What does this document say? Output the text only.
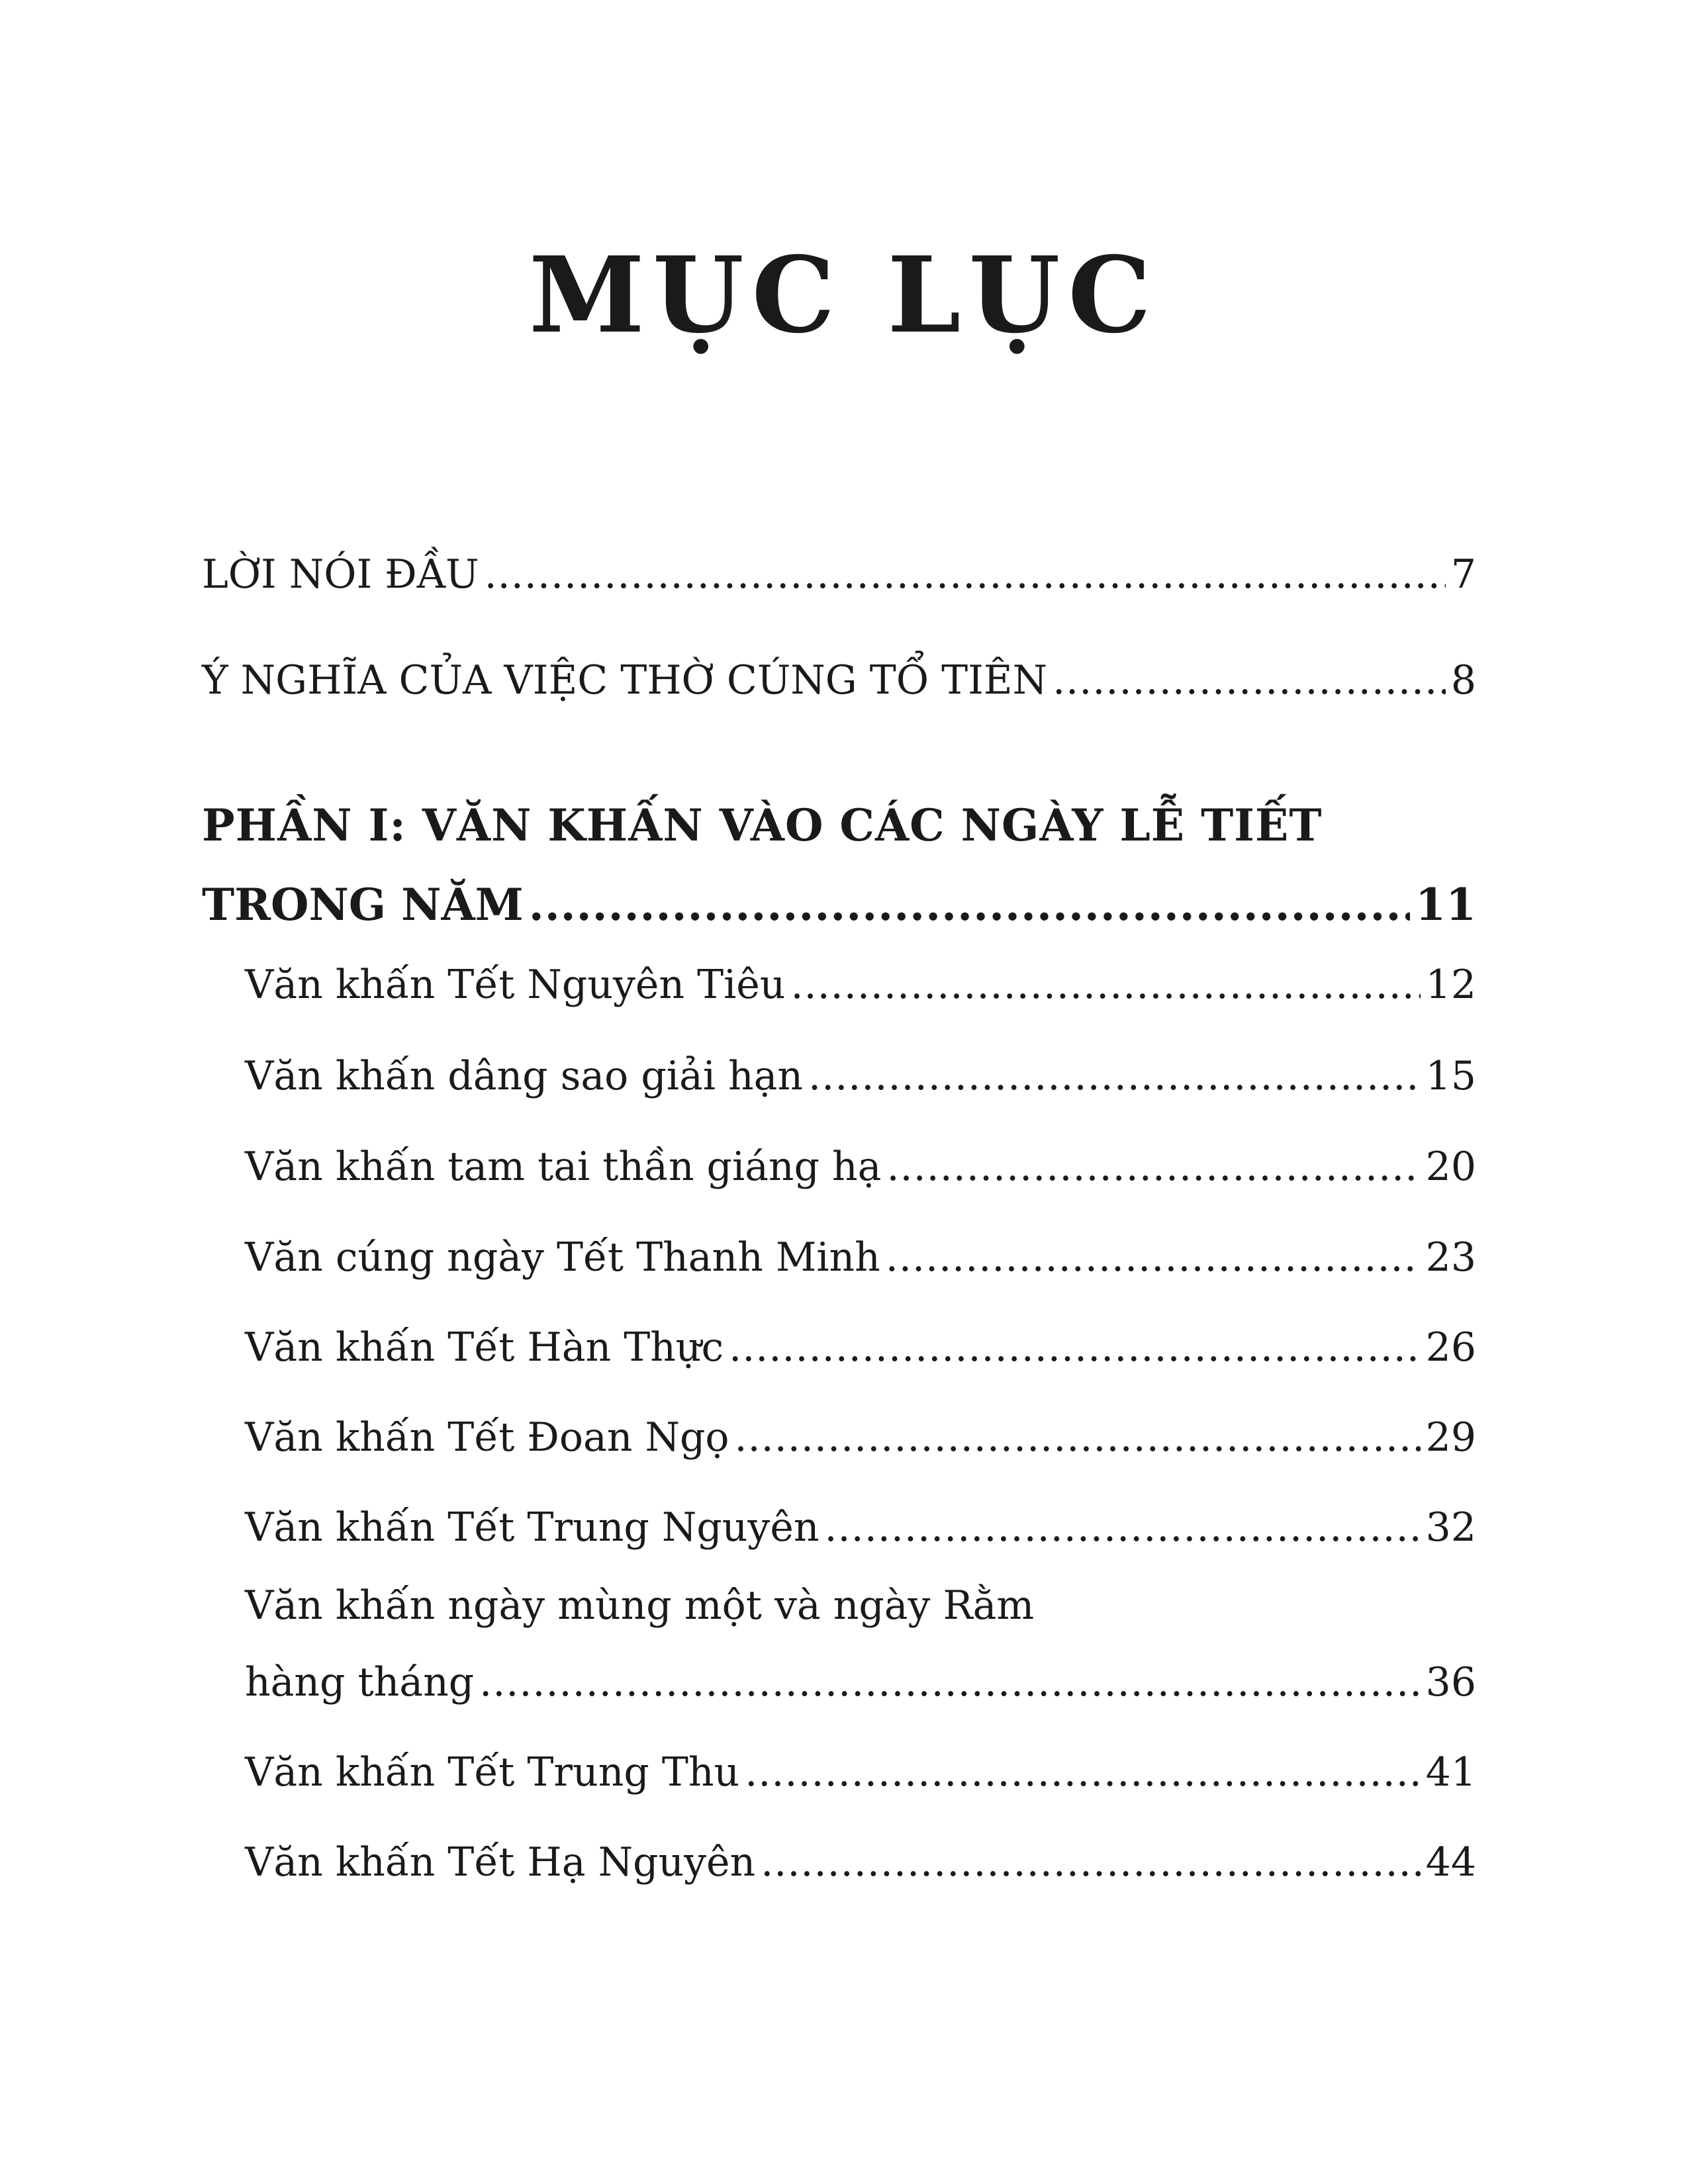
MỤC LỤC
LỜI NÓI ĐẦU .....	7
Ý NGHĨA CỦA VIỆC THỜ CÚNG TỔ TIÊN .....	8
PHẦN I: VĂN KHẤN VÀO CÁC NGÀY LỄ TIẾT
TRONG NĂM .....	11
Văn khấn Tết Nguyên Tiêu .....	12
Văn khấn dâng sao giải hạn .....	15
Văn khấn tam tai thần giáng hạ .....	20
Văn cúng ngày Tết Thanh Minh .....	23
Văn khấn Tết Hàn Thực .....	26
Văn khấn Tết Đoan Ngọ .....	29
Văn khấn Tết Trung Nguyên .....	32
Văn khấn ngày mùng một và ngày Rằm
hàng tháng .....	36
Văn khấn Tết Trung Thu .....	41
Văn khấn Tết Hạ Nguyên .....	44
